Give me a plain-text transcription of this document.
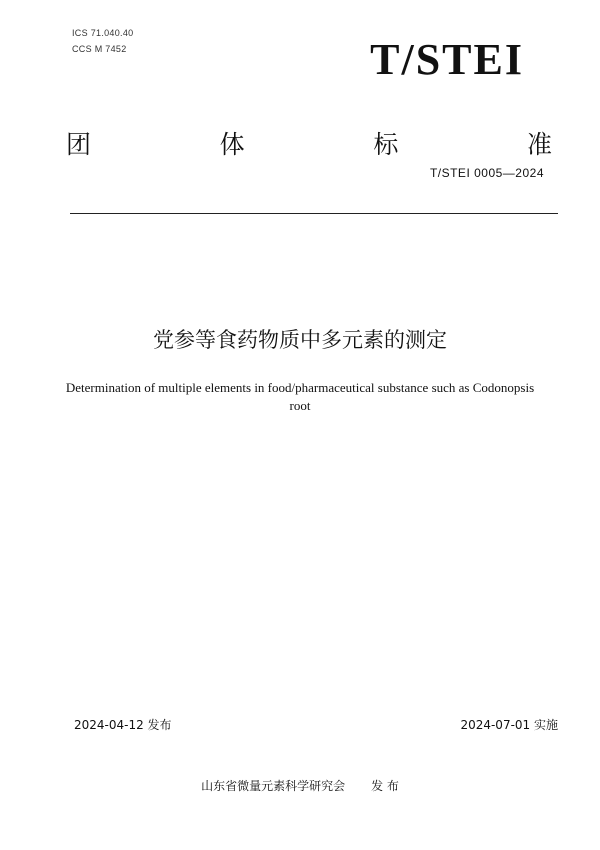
ICS 71.040.40
CCS M 7452	T/STEI
团	体	标	准
T/STEI 0005—2024
党参等食药物质中多元素的测定
Determination of multiple elements in food/pharmaceutical substance such as Codonopsis root
2024-04-12 发布	2024-07-01 实施
山东省微量元素科学研究会 发 布
